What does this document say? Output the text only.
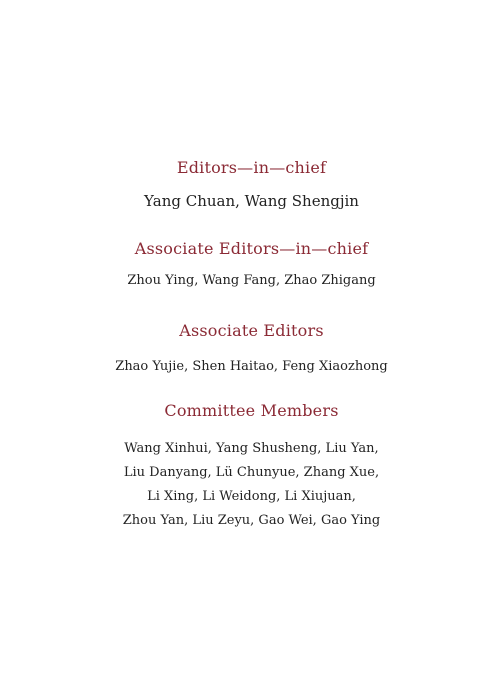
Editors—in—chief
Yang Chuan, Wang Shengjin
Associate Editors—in—chief
Zhou Ying, Wang Fang, Zhao Zhigang
Associate Editors
Zhao Yujie, Shen Haitao, Feng Xiaozhong
Committee Members
Wang Xinhui, Yang Shusheng, Liu Yan,
Liu Danyang, Lü Chunyue, Zhang Xue,
Li Xing, Li Weidong, Li Xiujuan,
Zhou Yan, Liu Zeyu, Gao Wei, Gao Ying
